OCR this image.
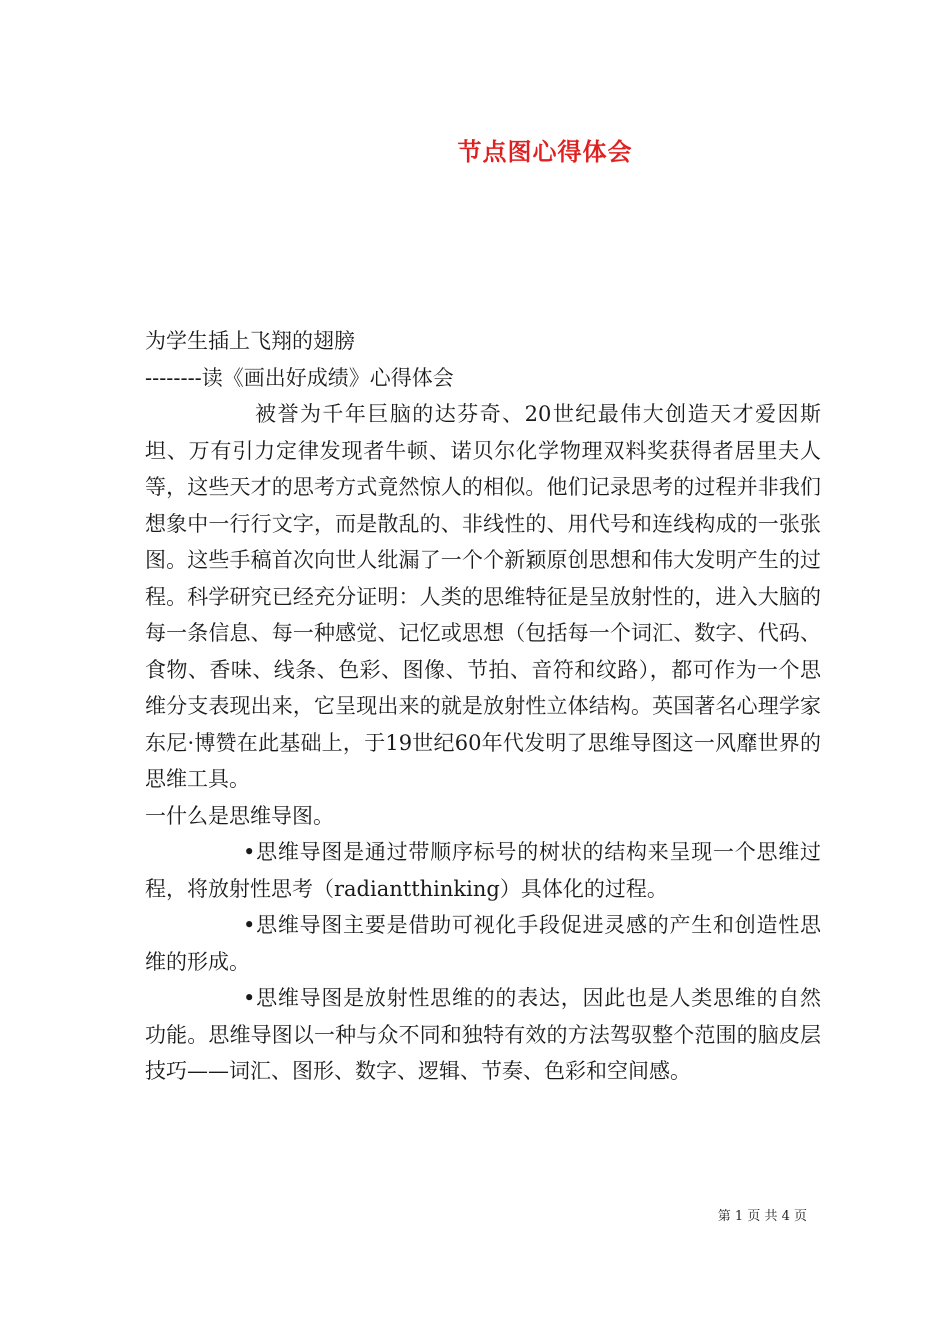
节点图心得体会

为学生插上飞翔的翅膀

--------读《画出好成绩》心得体会

被誉为千年巨脑的达芬奇、20世纪最伟大创造天才爱因斯坦、万有引力定律发现者牛顿、诺贝尔化学物理双料奖获得者居里夫人等，这些天才的思考方式竟然惊人的相似。他们记录思考的过程并非我们想象中一行行文字，而是散乱的、非线性的、用代号和连线构成的一张张图。这些手稿首次向世人纰漏了一个个新颖原创思想和伟大发明产生的过程。科学研究已经充分证明：人类的思维特征是呈放射性的，进入大脑的每一条信息、每一种感觉、记忆或思想（包括每一个词汇、数字、代码、食物、香味、线条、色彩、图像、节拍、音符和纹路），都可作为一个思维分支表现出来，它呈现出来的就是放射性立体结构。英国著名心理学家东尼·博赞在此基础上，于19世纪60年代发明了思维导图这一风靡世界的思维工具。

一什么是思维导图。

•思维导图是通过带顺序标号的树状的结构来呈现一个思维过程，将放射性思考（radiantthinking）具体化的过程。

•思维导图主要是借助可视化手段促进灵感的产生和创造性思维的形成。

•思维导图是放射性思维的的表达，因此也是人类思维的自然功能。思维导图以一种与众不同和独特有效的方法驾驭整个范围的脑皮层技巧——词汇、图形、数字、逻辑、节奏、色彩和空间感。

第 1 页 共 4 页
